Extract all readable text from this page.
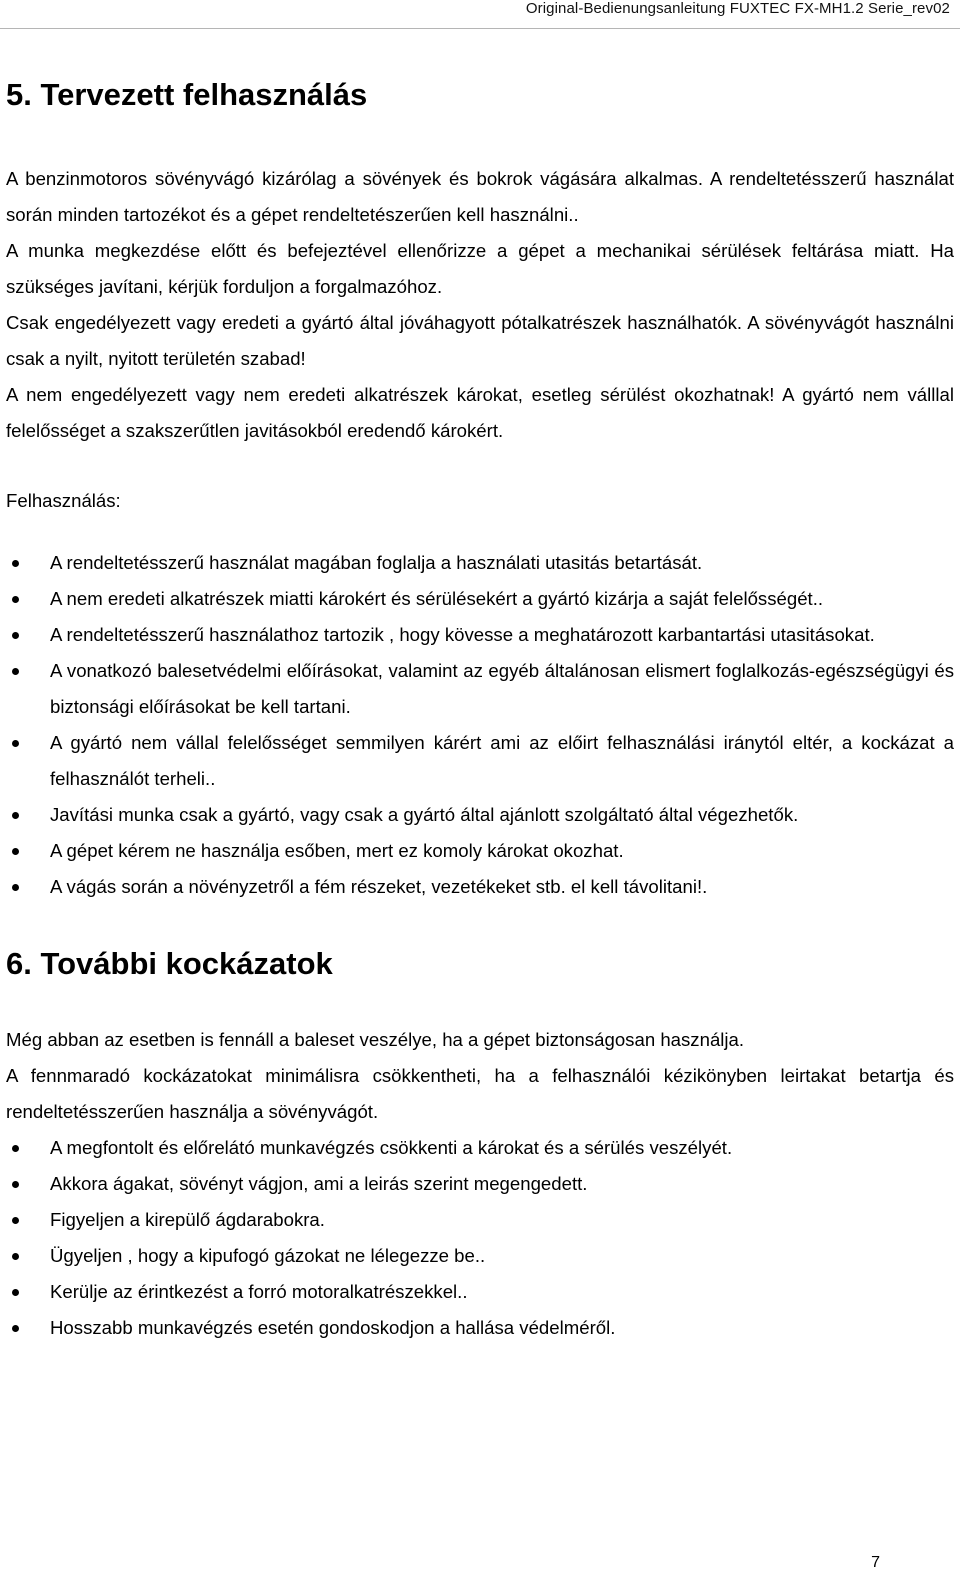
Original-Bedienungsanleitung FUXTEC FX-MH1.2 Serie_rev02
5. Tervezett felhasználás

A benzinmotoros sövényvágó kizárólag a sövények és bokrok vágására alkalmas. A rendeltetésszerű használat során minden tartozékot és a gépet rendeltetészerűen kell használni..

A munka megkezdése előtt és befejeztével ellenőrizze a gépet a mechanikai sérülések feltárása miatt. Ha szükséges javítani, kérjük forduljon a forgalmazóhoz.

Csak engedélyezett vagy eredeti a gyártó által jóváhagyott pótalkatrészek használhatók. A sövényvágót használni csak a nyilt, nyitott területén szabad!

A nem engedélyezett vagy nem eredeti alkatrészek károkat, esetleg sérülést okozhatnak! A gyártó nem válllal felelősséget a szakszerűtlen javitásokból eredendő károkért.

Felhasználás:

A rendeltetésszerű használat magában foglalja a használati utasitás betartását.
A nem eredeti alkatrészek miatti károkért és sérülésekért a gyártó kizárja a saját felelősségét..
A rendeltetésszerű használathoz tartozik , hogy kövesse a meghatározott karbantartási utasitásokat.
A vonatkozó balesetvédelmi előírásokat, valamint az egyéb általánosan elismert foglalkozás-egészségügyi és biztonsági előírásokat be kell tartani.
A gyártó nem vállal felelősséget semmilyen kárért ami az előirt felhasználási iránytól eltér, a kockázat a felhasználót terheli..
Javítási munka csak a gyártó, vagy csak a gyártó által ajánlott szolgáltató által végezhetők.
A gépet kérem ne használja esőben, mert ez komoly károkat okozhat.
A vágás során a növényzetről a fém részeket, vezetékeket stb. el kell távolitani!.
6. További kockázatok

Még abban az esetben is fennáll a baleset veszélye, ha a gépet biztonságosan használja.

A fennmaradó kockázatokat minimálisra csökkentheti, ha a felhasználói kézikönyben leirtakat betartja és rendeltetésszerűen használja a sövényvágót.

A megfontolt és előrelátó munkavégzés csökkenti a károkat és a sérülés veszélyét.
Akkora ágakat, sövényt vágjon, ami a leirás szerint megengedett.
Figyeljen a kirepülő ágdarabokra.
Ügyeljen , hogy a kipufogó gázokat ne lélegezze be..
Kerülje az érintkezést a forró motoralkatrészekkel..
Hosszabb munkavégzés esetén gondoskodjon a hallása védelméről.
7
